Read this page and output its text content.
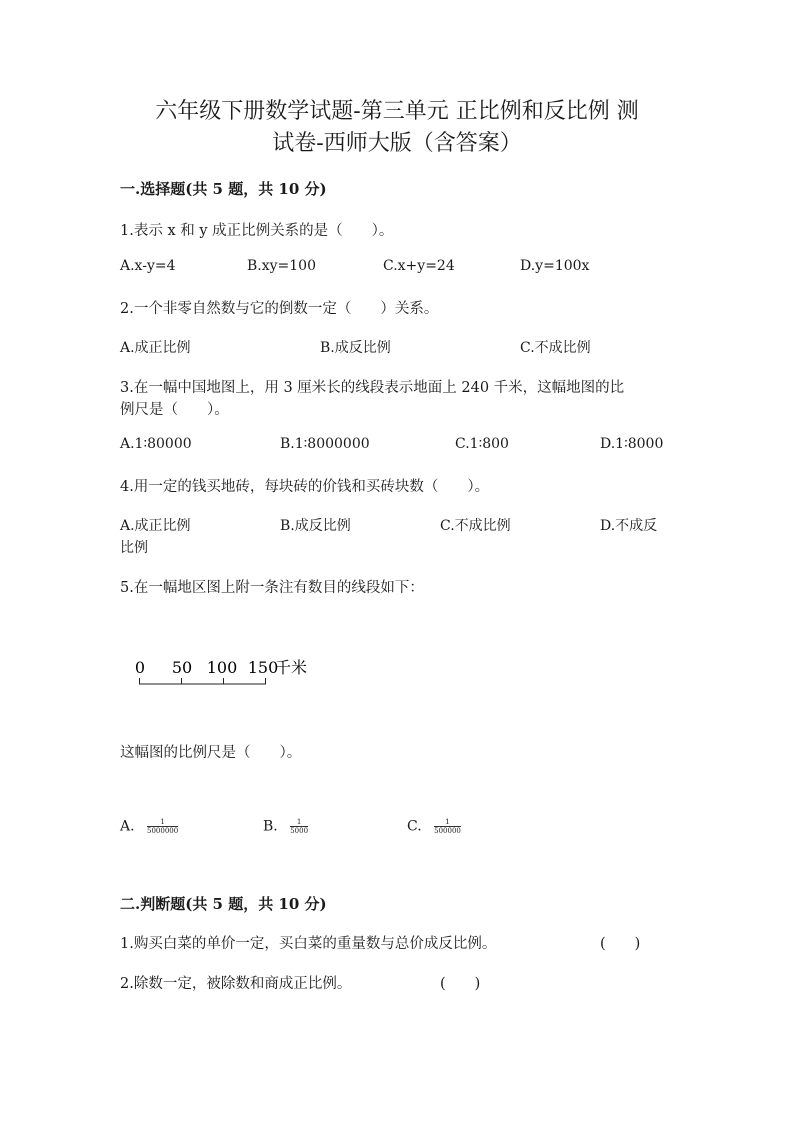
六年级下册数学试题-第三单元 正比例和反比例 测
试卷-西师大版（含答案）
一.选择题(共 5 题，共 10 分)
1.表示 x 和 y 成正比例关系的是（　　）。
A.x-y=4	B.xy=100	C.x+y=24	D.y=100x
2.一个非零自然数与它的倒数一定（　　）关系。
A.成正比例	B.成反比例	C.不成比例
3.在一幅中国地图上，用 3 厘米长的线段表示地面上 240 千米，这幅地图的比
例尺是（　　）。
A.1∶80000	B.1∶8000000	C.1∶800	D.1∶8000
4.用一定的钱买地砖，每块砖的价钱和买砖块数（　　）。
A.成正比例	B.成反比例	C.不成比例	D.不成反
比例
5.在一幅地区图上附一条注有数目的线段如下：
0 50 100 150
千米
这幅图的比例尺是（　　）。
A. $\frac{1}{5000000}$	B. $\frac{1}{5000}$	C. $\frac{1}{500000}$
二.判断题(共 5 题，共 10 分)
1.购买白菜的单价一定，买白菜的重量数与总价成反比例。	(　　)
2.除数一定，被除数和商成正比例。	(　　)
